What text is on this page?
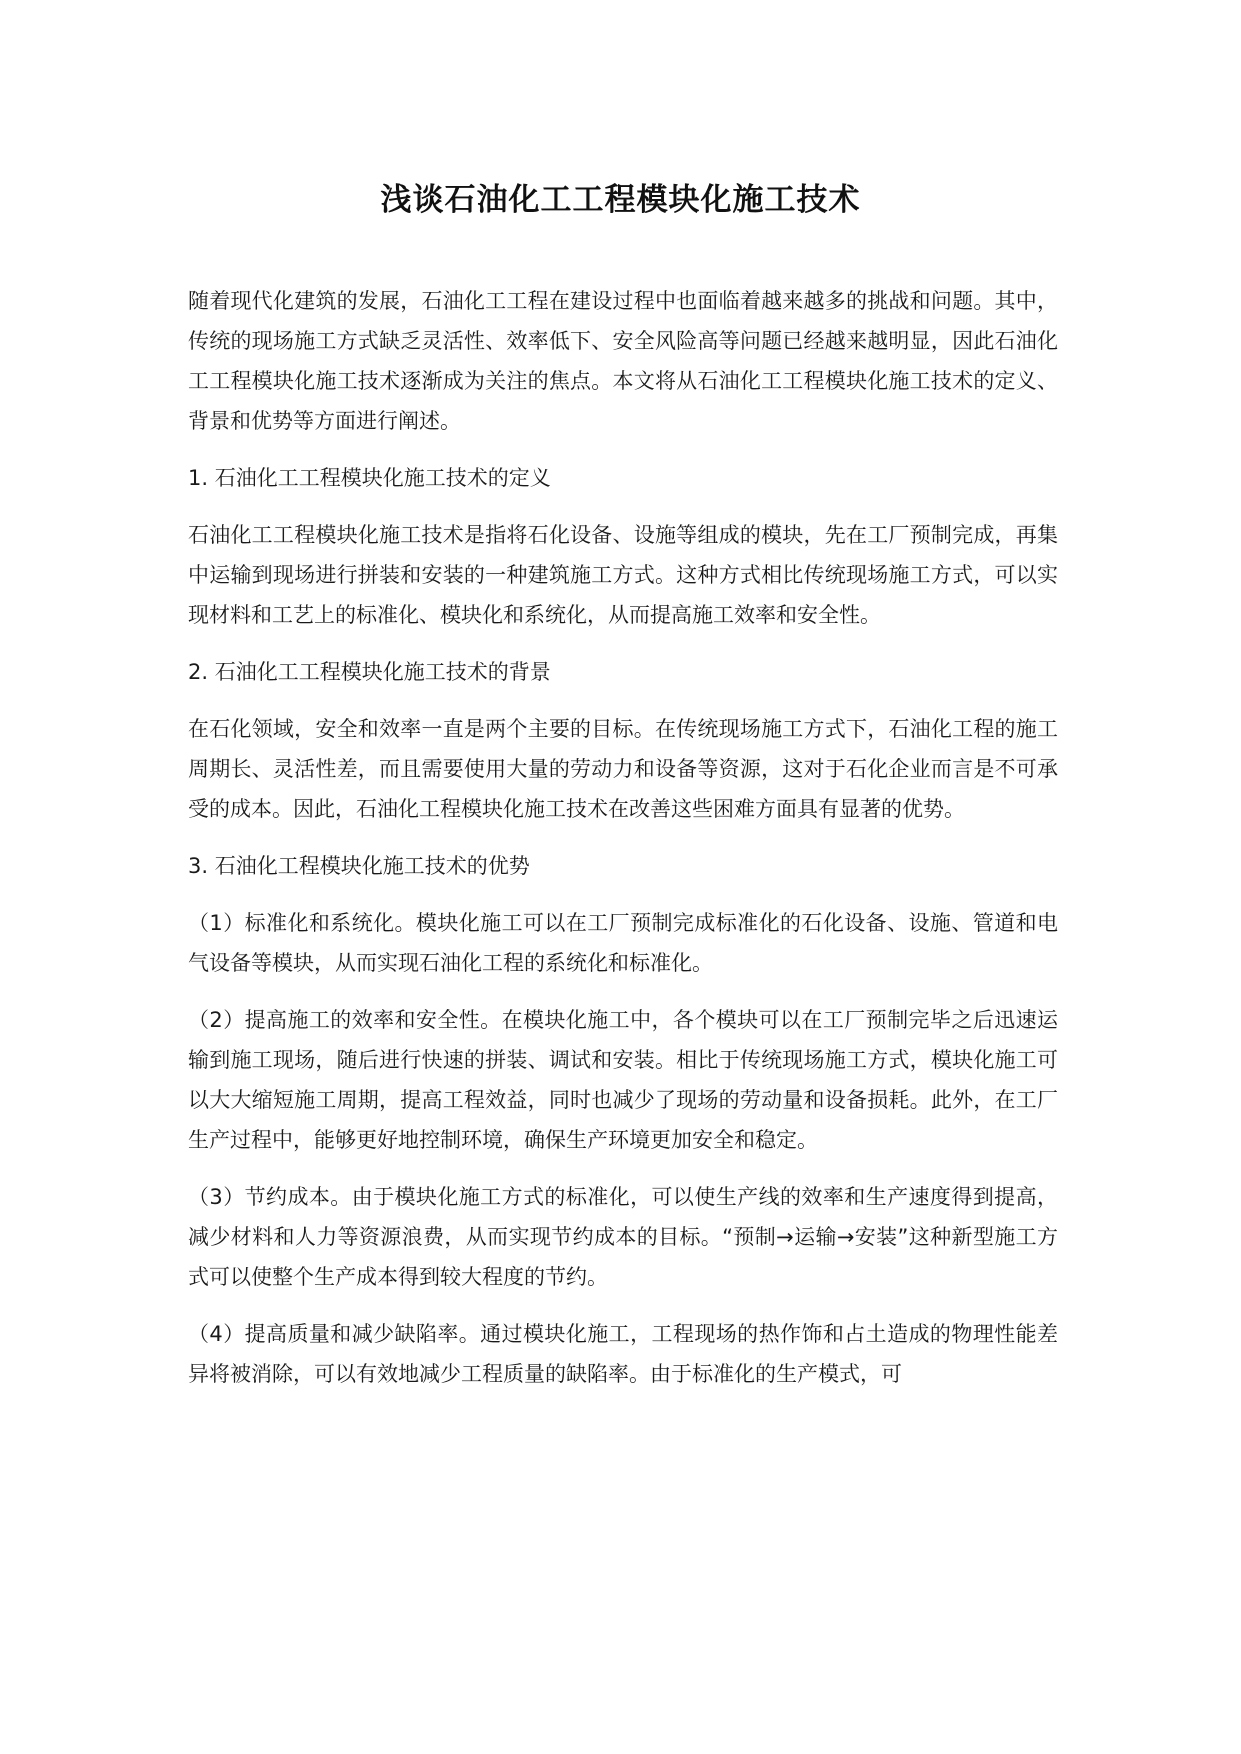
浅谈石油化工工程模块化施工技术

随着现代化建筑的发展，石油化工工程在建设过程中也面临着越来越多的挑战和问题。其中，传统的现场施工方式缺乏灵活性、效率低下、安全风险高等问题已经越来越明显，因此石油化工工程模块化施工技术逐渐成为关注的焦点。本文将从石油化工工程模块化施工技术的定义、背景和优势等方面进行阐述。

1. 石油化工工程模块化施工技术的定义

石油化工工程模块化施工技术是指将石化设备、设施等组成的模块，先在工厂预制完成，再集中运输到现场进行拼装和安装的一种建筑施工方式。这种方式相比传统现场施工方式，可以实现材料和工艺上的标准化、模块化和系统化，从而提高施工效率和安全性。

2. 石油化工工程模块化施工技术的背景

在石化领域，安全和效率一直是两个主要的目标。在传统现场施工方式下，石油化工程的施工周期长、灵活性差，而且需要使用大量的劳动力和设备等资源，这对于石化企业而言是不可承受的成本。因此，石油化工程模块化施工技术在改善这些困难方面具有显著的优势。

3. 石油化工程模块化施工技术的优势

（1）标准化和系统化。模块化施工可以在工厂预制完成标准化的石化设备、设施、管道和电气设备等模块，从而实现石油化工程的系统化和标准化。

（2）提高施工的效率和安全性。在模块化施工中，各个模块可以在工厂预制完毕之后迅速运输到施工现场，随后进行快速的拼装、调试和安装。相比于传统现场施工方式，模块化施工可以大大缩短施工周期，提高工程效益，同时也减少了现场的劳动量和设备损耗。此外，在工厂生产过程中，能够更好地控制环境，确保生产环境更加安全和稳定。

（3）节约成本。由于模块化施工方式的标准化，可以使生产线的效率和生产速度得到提高，减少材料和人力等资源浪费，从而实现节约成本的目标。“预制→运输→安装”这种新型施工方式可以使整个生产成本得到较大程度的节约。

（4）提高质量和减少缺陷率。通过模块化施工，工程现场的热作饰和占土造成的物理性能差异将被消除，可以有效地减少工程质量的缺陷率。由于标准化的生产模式，可
